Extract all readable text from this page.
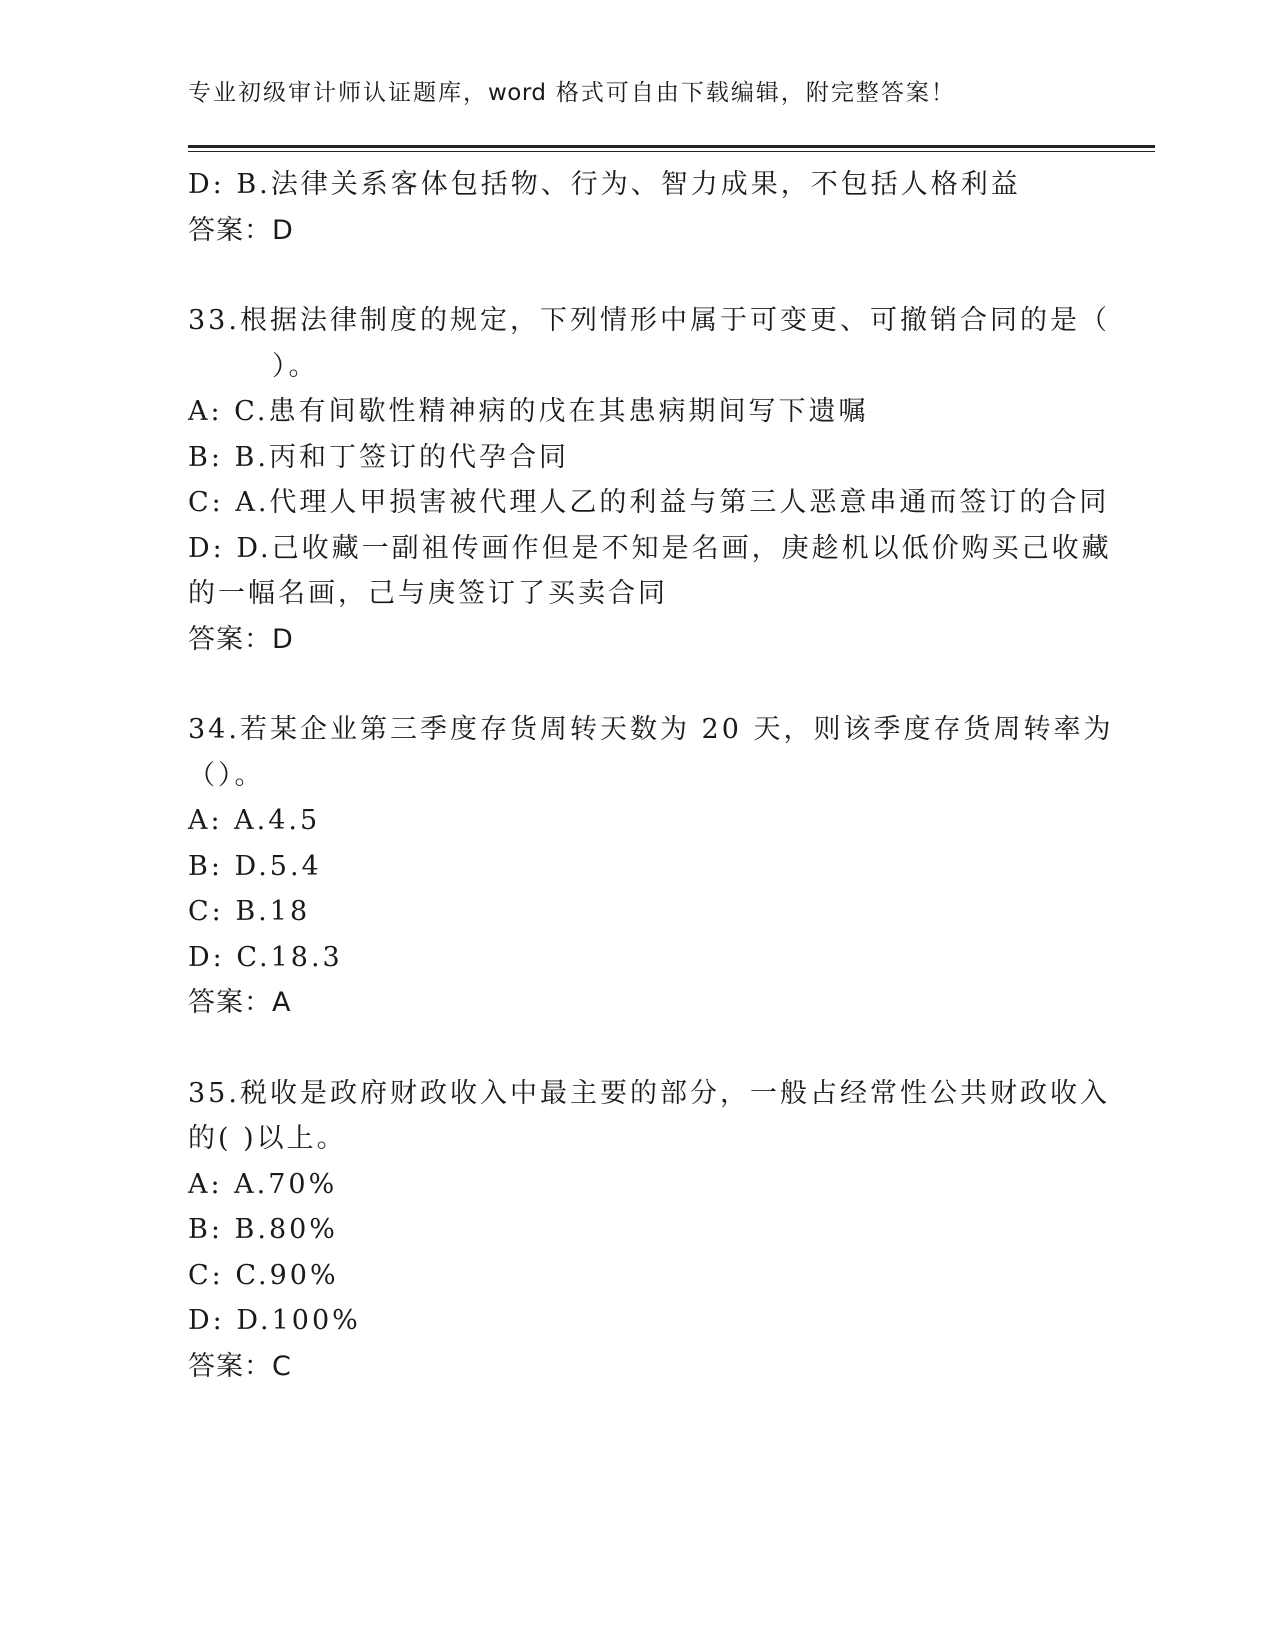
专业初级审计师认证题库，word 格式可自由下载编辑，附完整答案！
D: B.法律关系客体包括物、行为、智力成果，不包括人格利益
答案：D
33.根据法律制度的规定，下列情形中属于可变更、可撤销合同的是（
）。
A: C.患有间歇性精神病的戊在其患病期间写下遗嘱
B: B.丙和丁签订的代孕合同
C: A.代理人甲损害被代理人乙的利益与第三人恶意串通而签订的合同
D: D.己收藏一副祖传画作但是不知是名画，庚趁机以低价购买己收藏
的一幅名画，己与庚签订了买卖合同
答案：D
34.若某企业第三季度存货周转天数为 20 天，则该季度存货周转率为
（）。
A: A.4.5
B: D.5.4
C: B.18
D: C.18.3
答案：A
35.税收是政府财政收入中最主要的部分，一般占经常性公共财政收入
的( )以上。
A: A.70%
B: B.80%
C: C.90%
D: D.100%
答案：C
